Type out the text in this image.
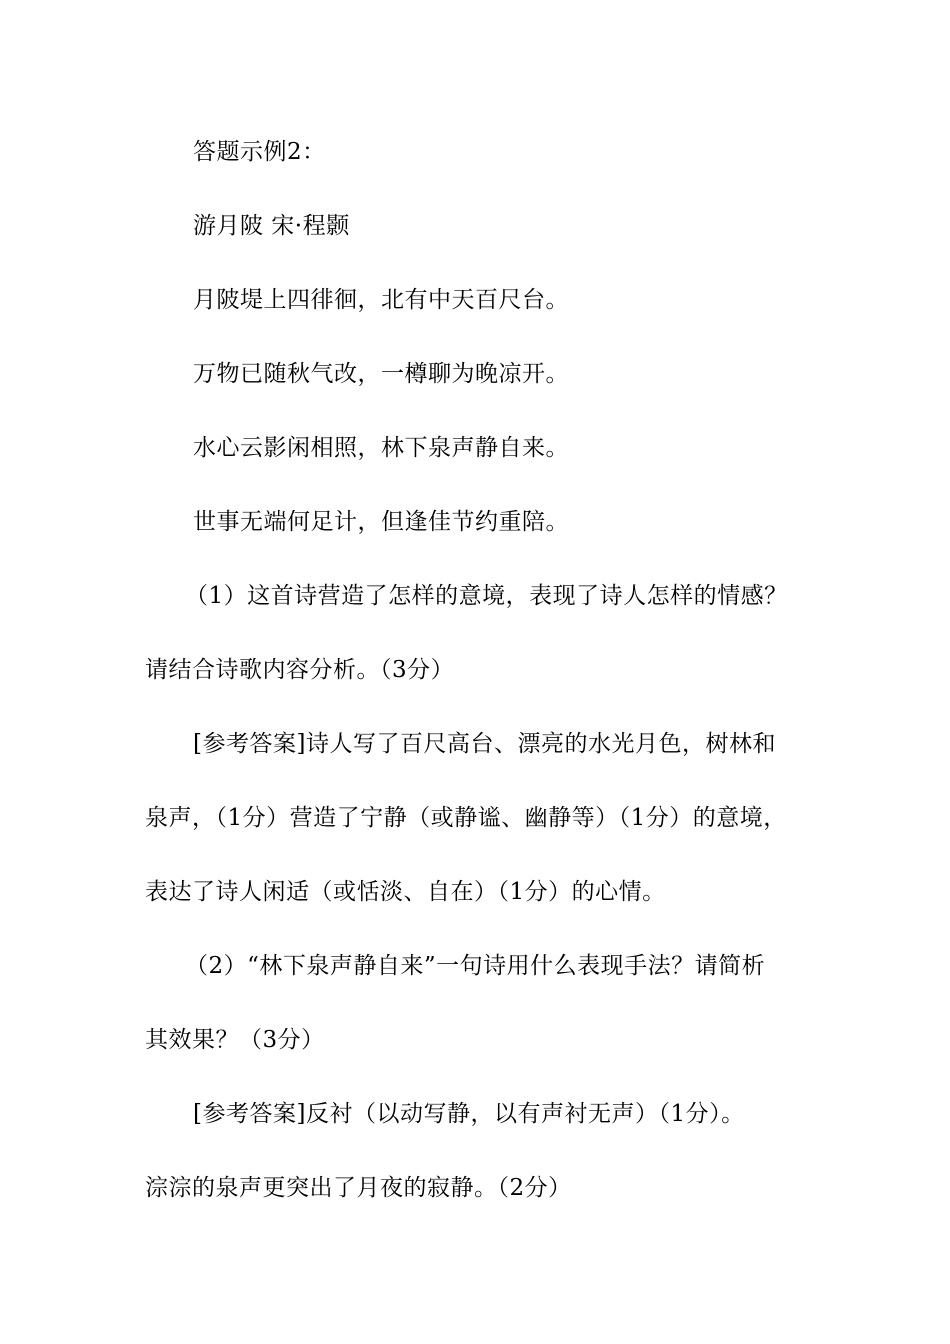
答题示例2：

游月陂 宋·程颢

月陂堤上四徘徊，北有中天百尺台。

万物已随秋气改，一樽聊为晚凉开。

水心云影闲相照，林下泉声静自来。

世事无端何足计，但逢佳节约重陪。

（1）这首诗营造了怎样的意境，表现了诗人怎样的情感？

请结合诗歌内容分析。（3分）

[参考答案]诗人写了百尺高台、漂亮的水光月色，树林和

泉声，（1分）营造了宁静（或静谧、幽静等）（1分）的意境，

表达了诗人闲适（或恬淡、自在）（1分）的心情。

（2）“林下泉声静自来”一句诗用什么表现手法？请简析

其效果？（3分）

[参考答案]反衬（以动写静，以有声衬无声）（1分）。

淙淙的泉声更突出了月夜的寂静。（2分）
